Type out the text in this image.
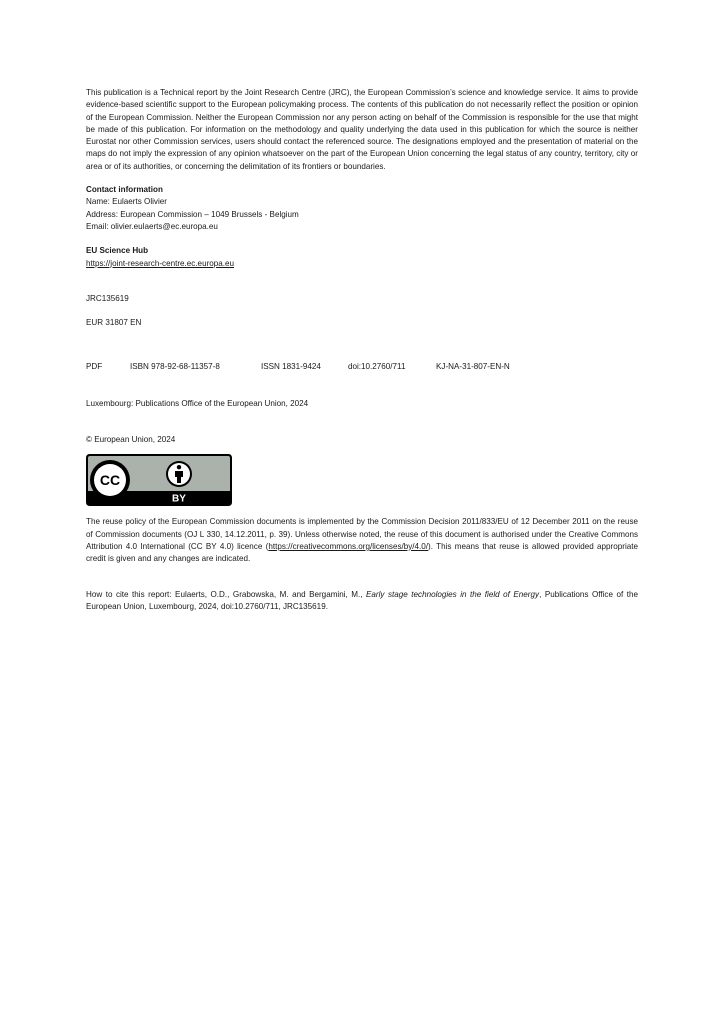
This publication is a Technical report by the Joint Research Centre (JRC), the European Commission’s science and knowledge service. It aims to provide evidence-based scientific support to the European policymaking process. The contents of this publication do not necessarily reflect the position or opinion of the European Commission. Neither the European Commission nor any person acting on behalf of the Commission is responsible for the use that might be made of this publication. For information on the methodology and quality underlying the data used in this publication for which the source is neither Eurostat nor other Commission services, users should contact the referenced source. The designations employed and the presentation of material on the maps do not imply the expression of any opinion whatsoever on the part of the European Union concerning the legal status of any country, territory, city or area or of its authorities, or concerning the delimitation of its frontiers or boundaries.

Contact information

Name: Eulaerts Olivier

Address: European Commission – 1049 Brussels - Belgium

Email: olivier.eulaerts@ec.europa.eu

EU Science Hub

https://joint-research-centre.ec.europa.eu

JRC135619

EUR 31807 EN

PDF	ISBN 978-92-68-11357-8	ISSN 1831-9424	doi:10.2760/711	KJ-NA-31-807-EN-N

Luxembourg: Publications Office of the European Union, 2024

© European Union, 2024

CC
BY

The reuse policy of the European Commission documents is implemented by the Commission Decision 2011/833/EU of 12 December 2011 on the reuse of Commission documents (OJ L 330, 14.12.2011, p. 39). Unless otherwise noted, the reuse of this document is authorised under the Creative Commons Attribution 4.0 International (CC BY 4.0) licence (https://creativecommons.org/licenses/by/4.0/). This means that reuse is allowed provided appropriate credit is given and any changes are indicated.

How to cite this report: Eulaerts, O.D., Grabowska, M. and Bergamini, M., Early stage technologies in the field of Energy, Publications Office of the European Union, Luxembourg, 2024, doi:10.2760/711, JRC135619.
